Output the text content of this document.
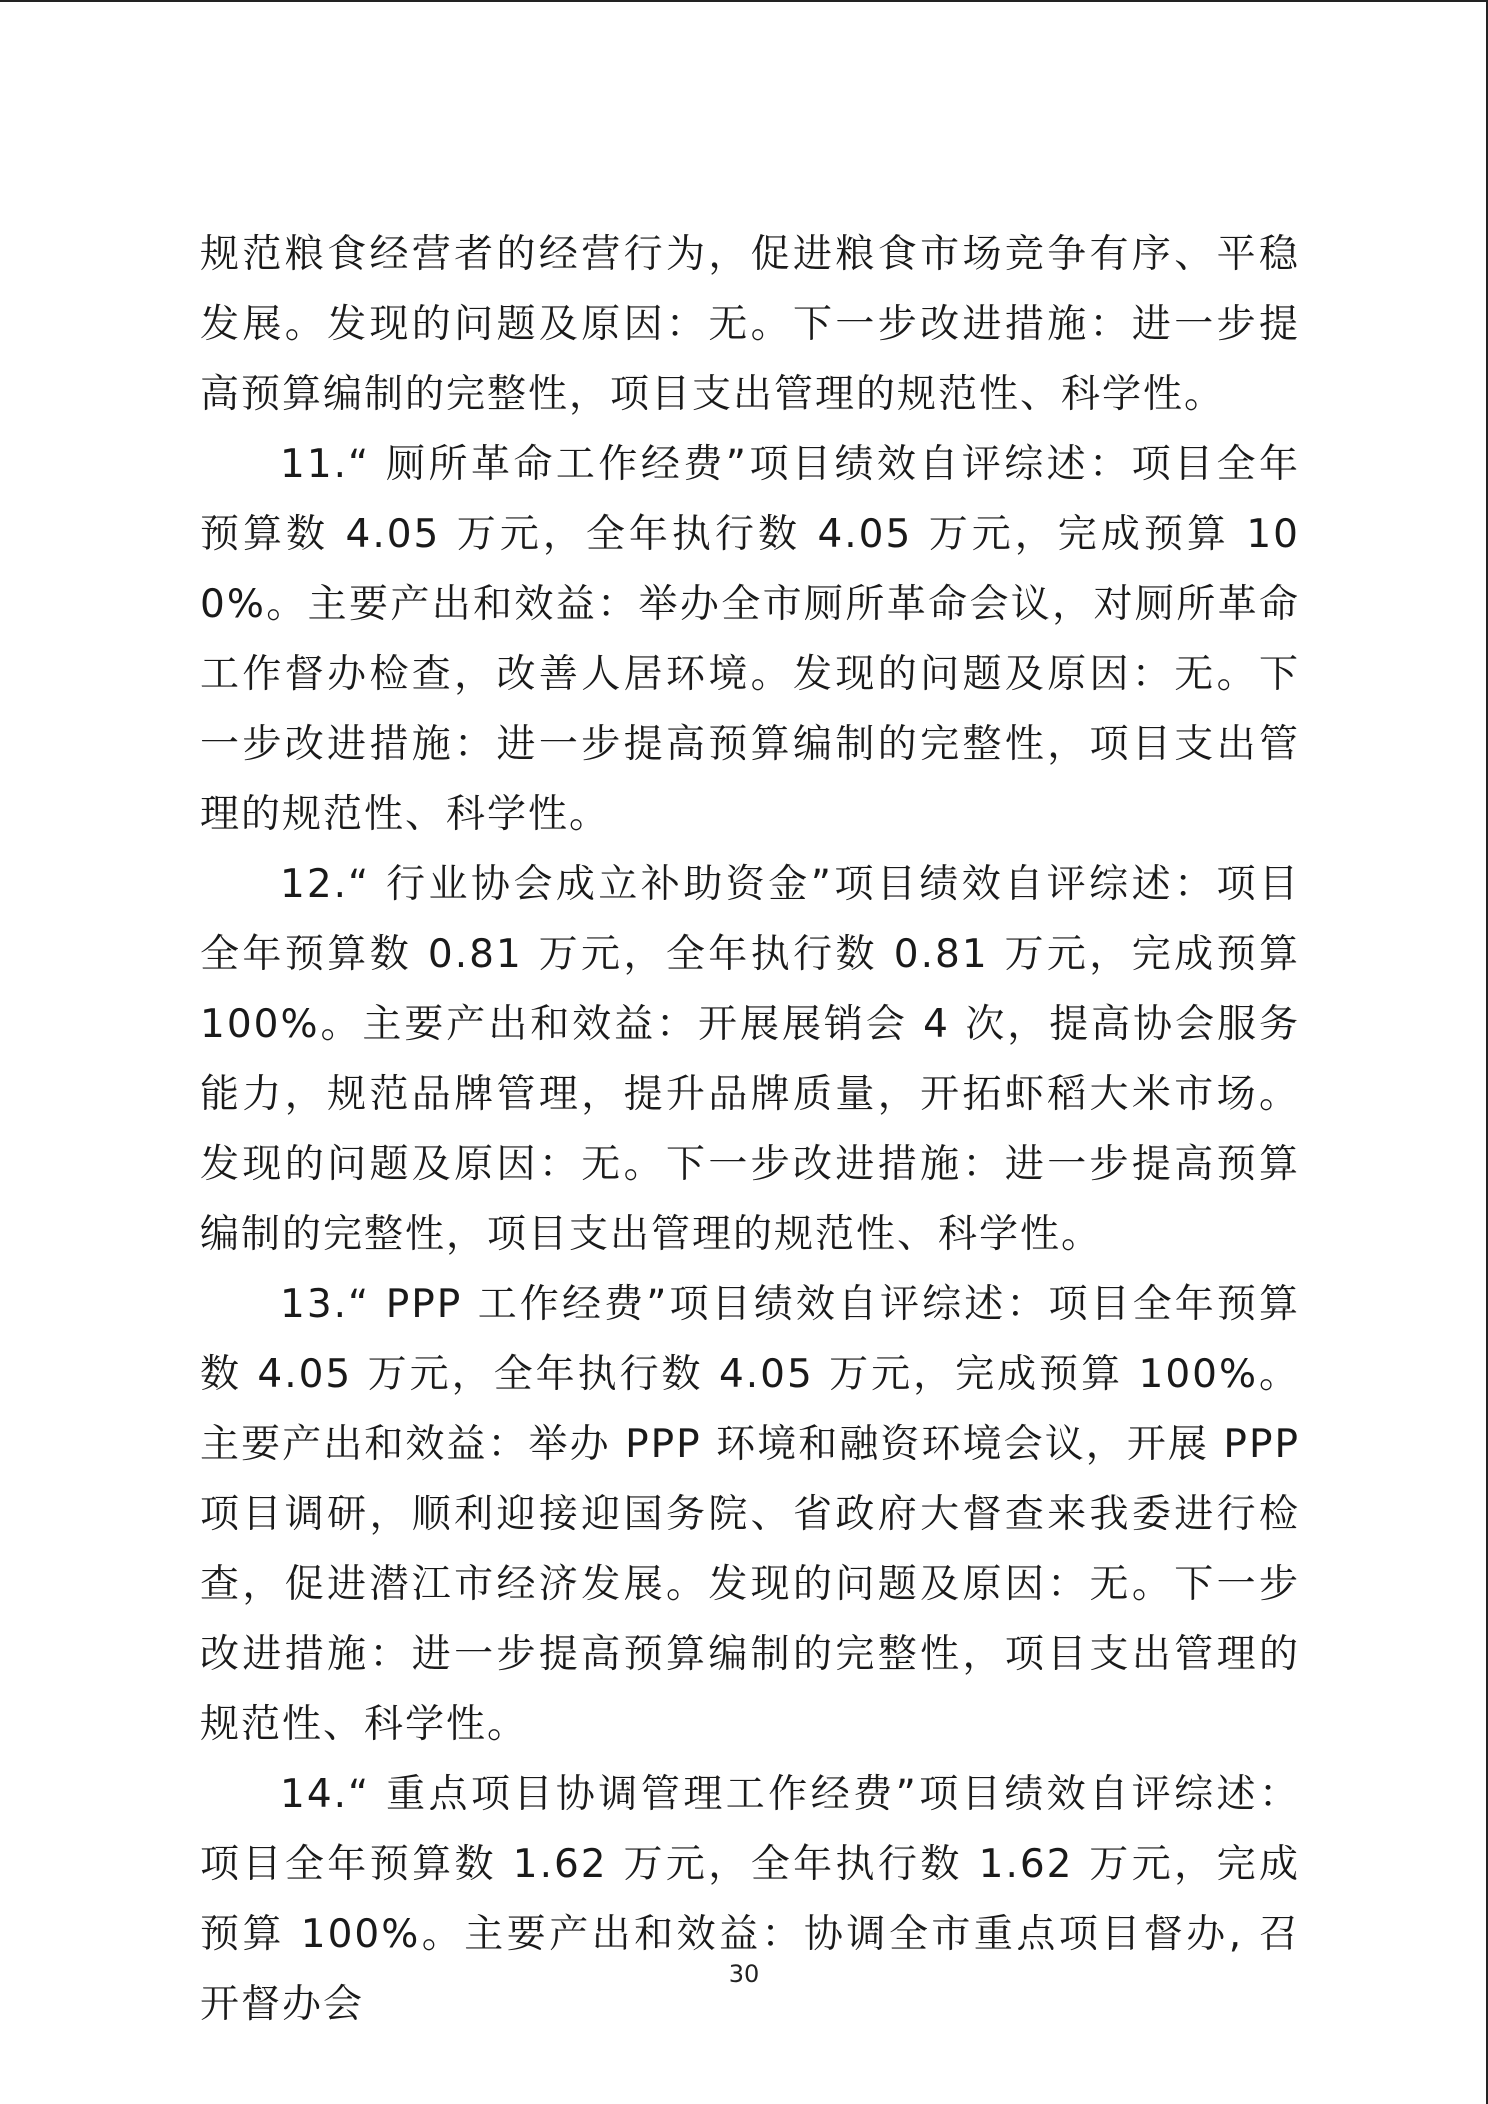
规范粮食经营者的经营行为，促进粮食市场竞争有序、平稳发展。发现的问题及原因：无。下一步改进措施：进一步提高预算编制的完整性，项目支出管理的规范性、科学性。

11.“ 厕所革命工作经费”项目绩效自评综述：项目全年预算数 4.05 万元，全年执行数 4.05 万元，完成预算 100%。主要产出和效益：举办全市厕所革命会议，对厕所革命工作督办检查，改善人居环境。发现的问题及原因：无。下一步改进措施：进一步提高预算编制的完整性，项目支出管理的规范性、科学性。

12.“ 行业协会成立补助资金”项目绩效自评综述：项目全年预算数 0.81 万元，全年执行数 0.81 万元，完成预算 100%。主要产出和效益：开展展销会 4 次，提高协会服务能力，规范品牌管理，提升品牌质量，开拓虾稻大米市场。发现的问题及原因：无。下一步改进措施：进一步提高预算编制的完整性，项目支出管理的规范性、科学性。

13.“ PPP 工作经费”项目绩效自评综述：项目全年预算数 4.05 万元，全年执行数 4.05 万元，完成预算 100%。主要产出和效益：举办 PPP 环境和融资环境会议，开展 PPP 项目调研，顺利迎接迎国务院、省政府大督查来我委进行检查，促进潜江市经济发展。发现的问题及原因：无。下一步改进措施：进一步提高预算编制的完整性，项目支出管理的规范性、科学性。

14.“ 重点项目协调管理工作经费”项目绩效自评综述：项目全年预算数 1.62 万元，全年执行数 1.62 万元，完成预算 100%。主要产出和效益：协调全市重点项目督办, 召开督办会

30
